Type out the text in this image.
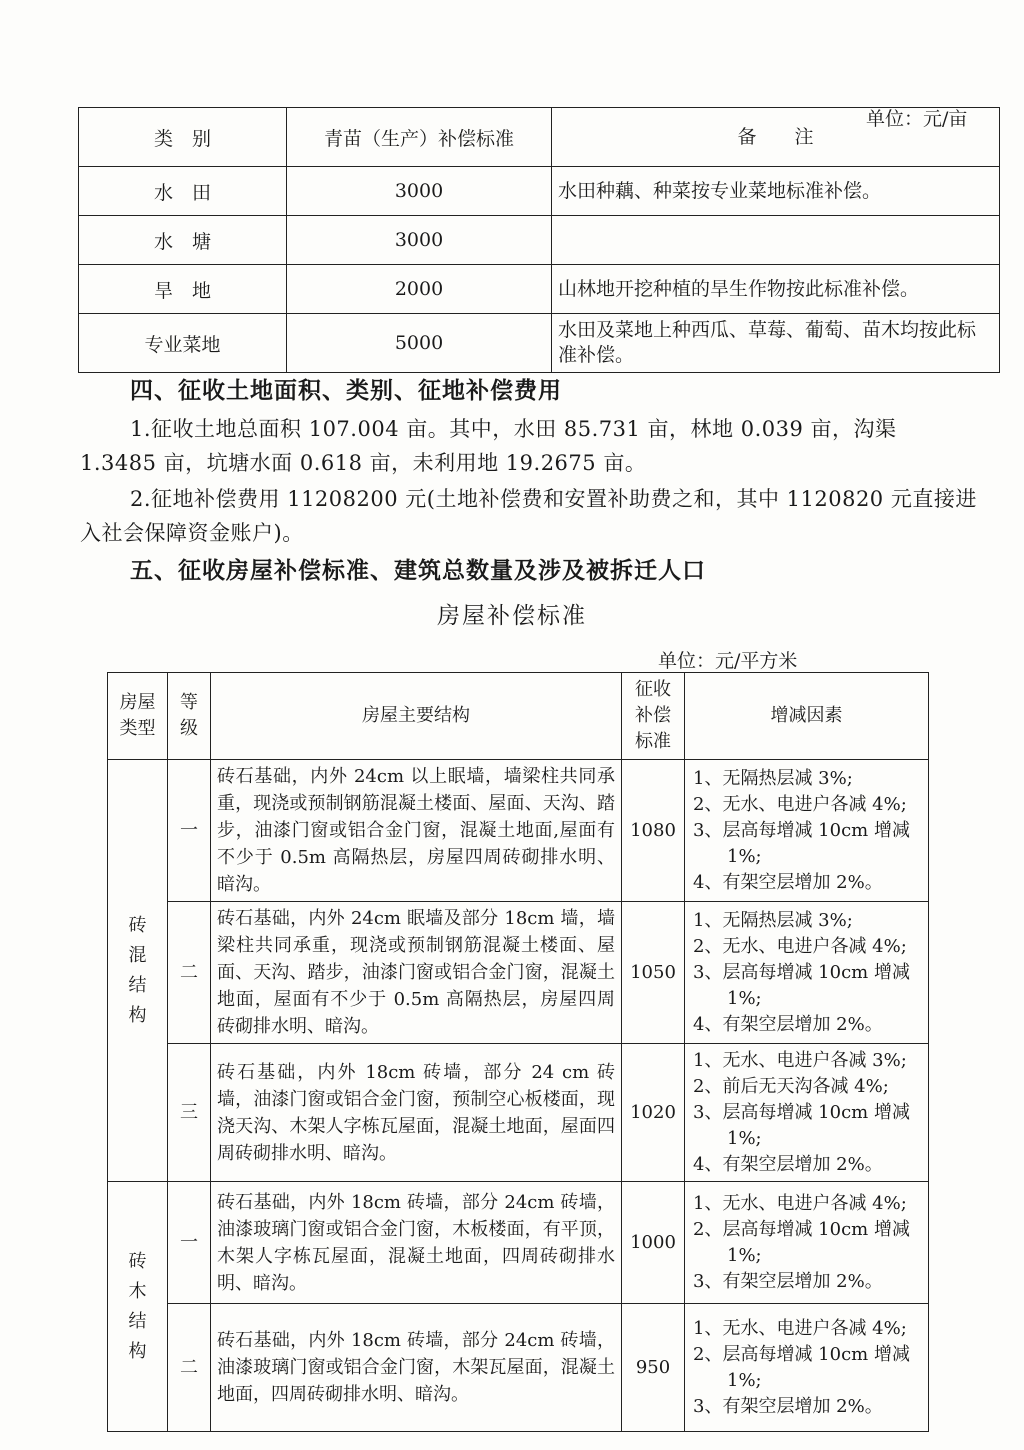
单位：元/亩
类　别	青苗（生产）补偿标准	备　　注
水　田	3000	水田种藕、种菜按专业菜地标准补偿。
水　塘	3000	
旱　地	2000	山林地开挖种植的旱生作物按此标准补偿。
专业菜地	5000	水田及菜地上种西瓜、草莓、葡萄、苗木均按此标准补偿。
四、征收土地面积、类别、征地补偿费用
1.征收土地总面积 107.004 亩。其中，水田 85.731 亩，林地 0.039 亩，沟渠 1.3485 亩，坑塘水面 0.618 亩，未利用地 19.2675 亩。
2.征地补偿费用 11208200 元(土地补偿费和安置补助费之和，其中 1120820 元直接进入社会保障资金账户)。
五、征收房屋补偿标准、建筑总数量及涉及被拆迁人口
房屋补偿标准
单位：元/平方米
房屋类型	等级	房屋主要结构	征收补偿标准	增减因素

砖混结构	一	砖石基础，内外 24cm 以上眠墙，墙梁柱共同承重，现浇或预制钢筋混凝土楼面、屋面、天沟、踏步，油漆门窗或铝合金门窗，混凝土地面,屋面有不少于 0.5m 高隔热层，房屋四周砖砌排水明、暗沟。	1080	1、无隔热层减 3%;
2、无水、电进户各减 4%;
3、层高每增减 10cm 增减
1%;
4、有架空层增加 2%。

	二	砖石基础，内外 24cm 眠墙及部分 18cm 墙，墙梁柱共同承重，现浇或预制钢筋混凝土楼面、屋面、天沟、踏步，油漆门窗或铝合金门窗，混凝土地面，屋面有不少于 0.5m 高隔热层，房屋四周砖砌排水明、暗沟。	1050	1、无隔热层减 3%;
2、无水、电进户各减 4%;
3、层高每增减 10cm 增减
1%;
4、有架空层增加 2%。

	三	砖石基础，内外 18cm 砖墙，部分 24 cm 砖墙，油漆门窗或铝合金门窗，预制空心板楼面，现浇天沟、木架人字栋瓦屋面，混凝土地面，屋面四周砖砌排水明、暗沟。	1020	1、无水、电进户各减 3%;
2、前后无天沟各减 4%;
3、层高每增减 10cm 增减
1%;
4、有架空层增加 2%。

砖木结构	一	砖石基础，内外 18cm 砖墙，部分 24cm 砖墙，油漆玻璃门窗或铝合金门窗，木板楼面，有平顶，木架人字栋瓦屋面，混凝土地面，四周砖砌排水明、暗沟。	1000	1、无水、电进户各减 4%;
2、层高每增减 10cm 增减
1%;
3、有架空层增加 2%。

	二	砖石基础，内外 18cm 砖墙，部分 24cm 砖墙，油漆玻璃门窗或铝合金门窗，木架瓦屋面，混凝土地面，四周砖砌排水明、暗沟。	950	1、无水、电进户各减 4%;
2、层高每增减 10cm 增减
1%;
3、有架空层增加 2%。
